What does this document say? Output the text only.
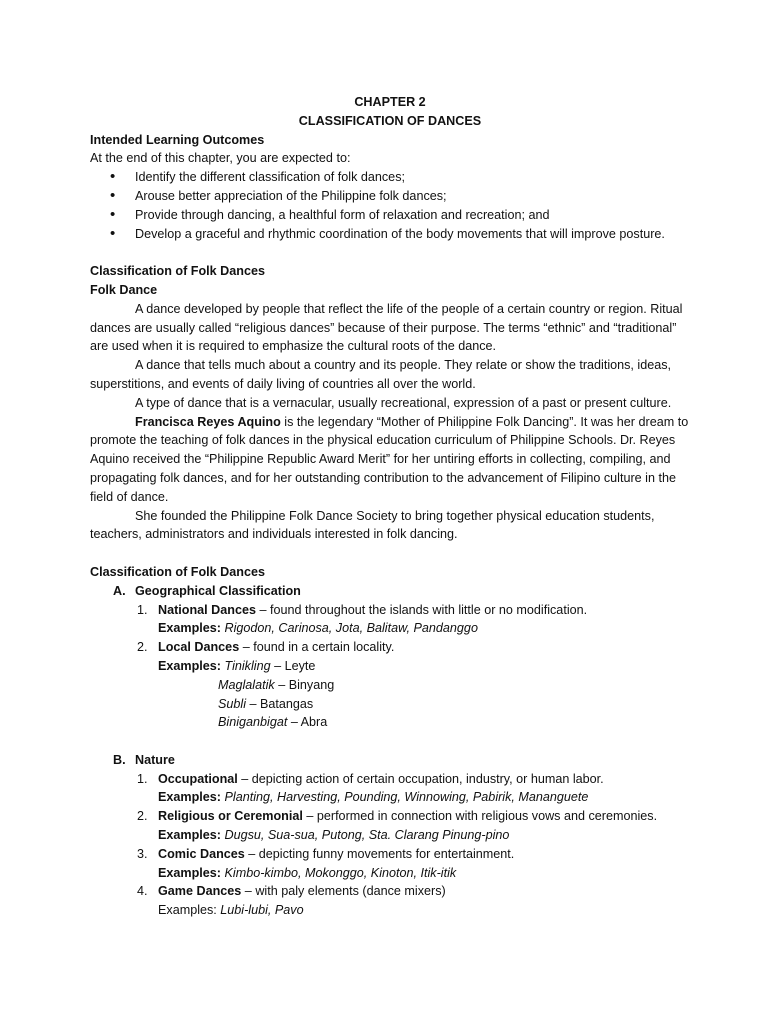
CHAPTER 2

CLASSIFICATION OF DANCES

Intended Learning Outcomes

At the end of this chapter, you are expected to:

• Identify the different classification of folk dances;
• Arouse better appreciation of the Philippine folk dances;
• Provide through dancing, a healthful form of relaxation and recreation; and
• Develop a graceful and rhythmic coordination of the body movements that will improve posture.

Classification of Folk Dances

Folk Dance

A dance developed by people that reflect the life of the people of a certain country or region. Ritual dances are usually called “religious dances” because of their purpose. The terms “ethnic” and “traditional” are used when it is required to emphasize the cultural roots of the dance.

A dance that tells much about a country and its people. They relate or show the traditions, ideas, superstitions, and events of daily living of countries all over the world.

A type of dance that is a vernacular, usually recreational, expression of a past or present culture.

Francisca Reyes Aquino is the legendary “Mother of Philippine Folk Dancing”. It was her dream to promote the teaching of folk dances in the physical education curriculum of Philippine Schools. Dr. Reyes Aquino received the “Philippine Republic Award Merit” for her untiring efforts in collecting, compiling, and propagating folk dances, and for her outstanding contribution to the advancement of Filipino culture in the field of dance.

She founded the Philippine Folk Dance Society to bring together physical education students, teachers, administrators and individuals interested in folk dancing.

Classification of Folk Dances

A. Geographical Classification
1. National Dances – found throughout the islands with little or no modification.
Examples: Rigodon, Carinosa, Jota, Balitaw, Pandanggo
2. Local Dances – found in a certain locality.
Examples: Tinikling – Leyte
Maglalatik – Binyang
Subli – Batangas
Biniganbigat – Abra
B. Nature
1. Occupational – depicting action of certain occupation, industry, or human labor.
Examples: Planting, Harvesting, Pounding, Winnowing, Pabirik, Mananguete
2. Religious or Ceremonial – performed in connection with religious vows and ceremonies.
Examples: Dugsu, Sua-sua, Putong, Sta. Clarang Pinung-pino
3. Comic Dances – depicting funny movements for entertainment.
Examples: Kimbo-kimbo, Mokonggo, Kinoton, Itik-itik
4. Game Dances – with paly elements (dance mixers)
Examples: Lubi-lubi, Pavo
